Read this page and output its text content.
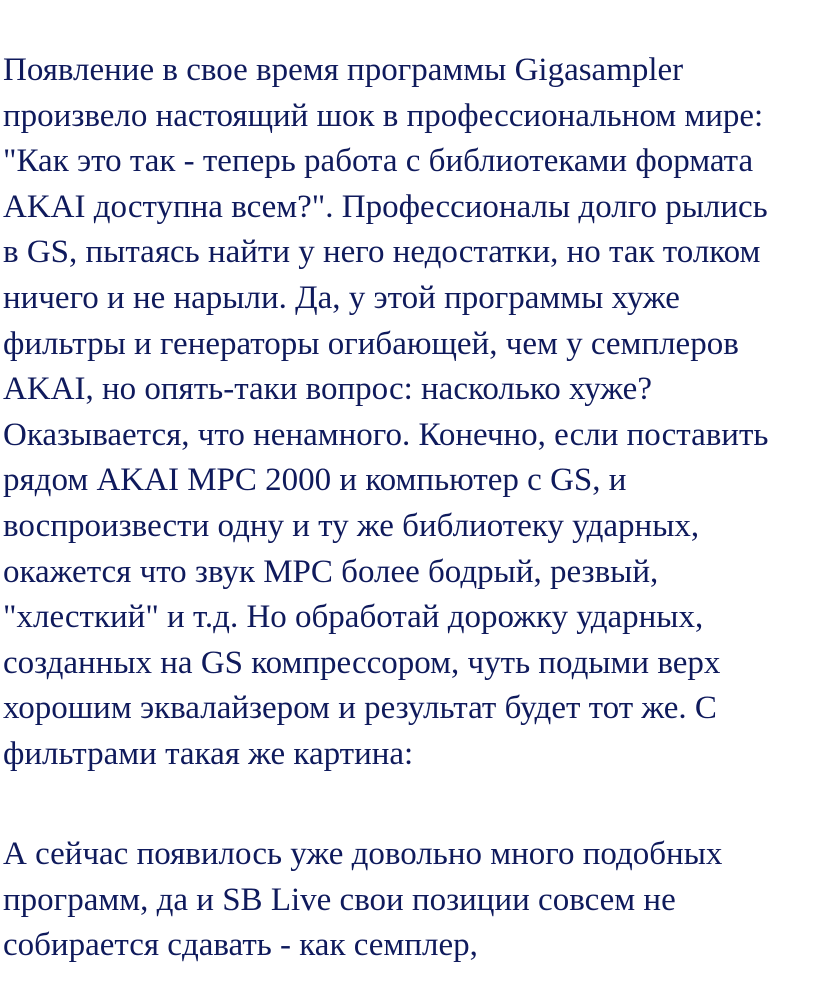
Появление в свое время программы Gigasampler
произвело настоящий шок в профессиональном мире:
"Как это так - теперь работа с библиотеками формата
AKAI доступна всем?". Профессионалы долго рылись
в GS, пытаясь найти у него недостатки, но так толком
ничего и не нарыли. Да, у этой программы хуже
фильтры и генераторы огибающей, чем у семплеров
AKAI, но опять-таки вопрос: насколько хуже?
Оказывается, что ненамного. Конечно, если поставить
рядом AKAI MPC 2000 и компьютер с GS, и
воспроизвести одну и ту же библиотеку ударных,
окажется что звук MPC более бодрый, резвый,
"хлесткий" и т.д. Но обработай дорожку ударных,
созданных на GS компрессором, чуть подыми верх
хорошим эквалайзером и результат будет тот же. С
фильтрами такая же картина:

А сейчас появилось уже довольно много подобных
программ, да и SB Live свои позиции совсем не
собирается сдавать - как семплер,
